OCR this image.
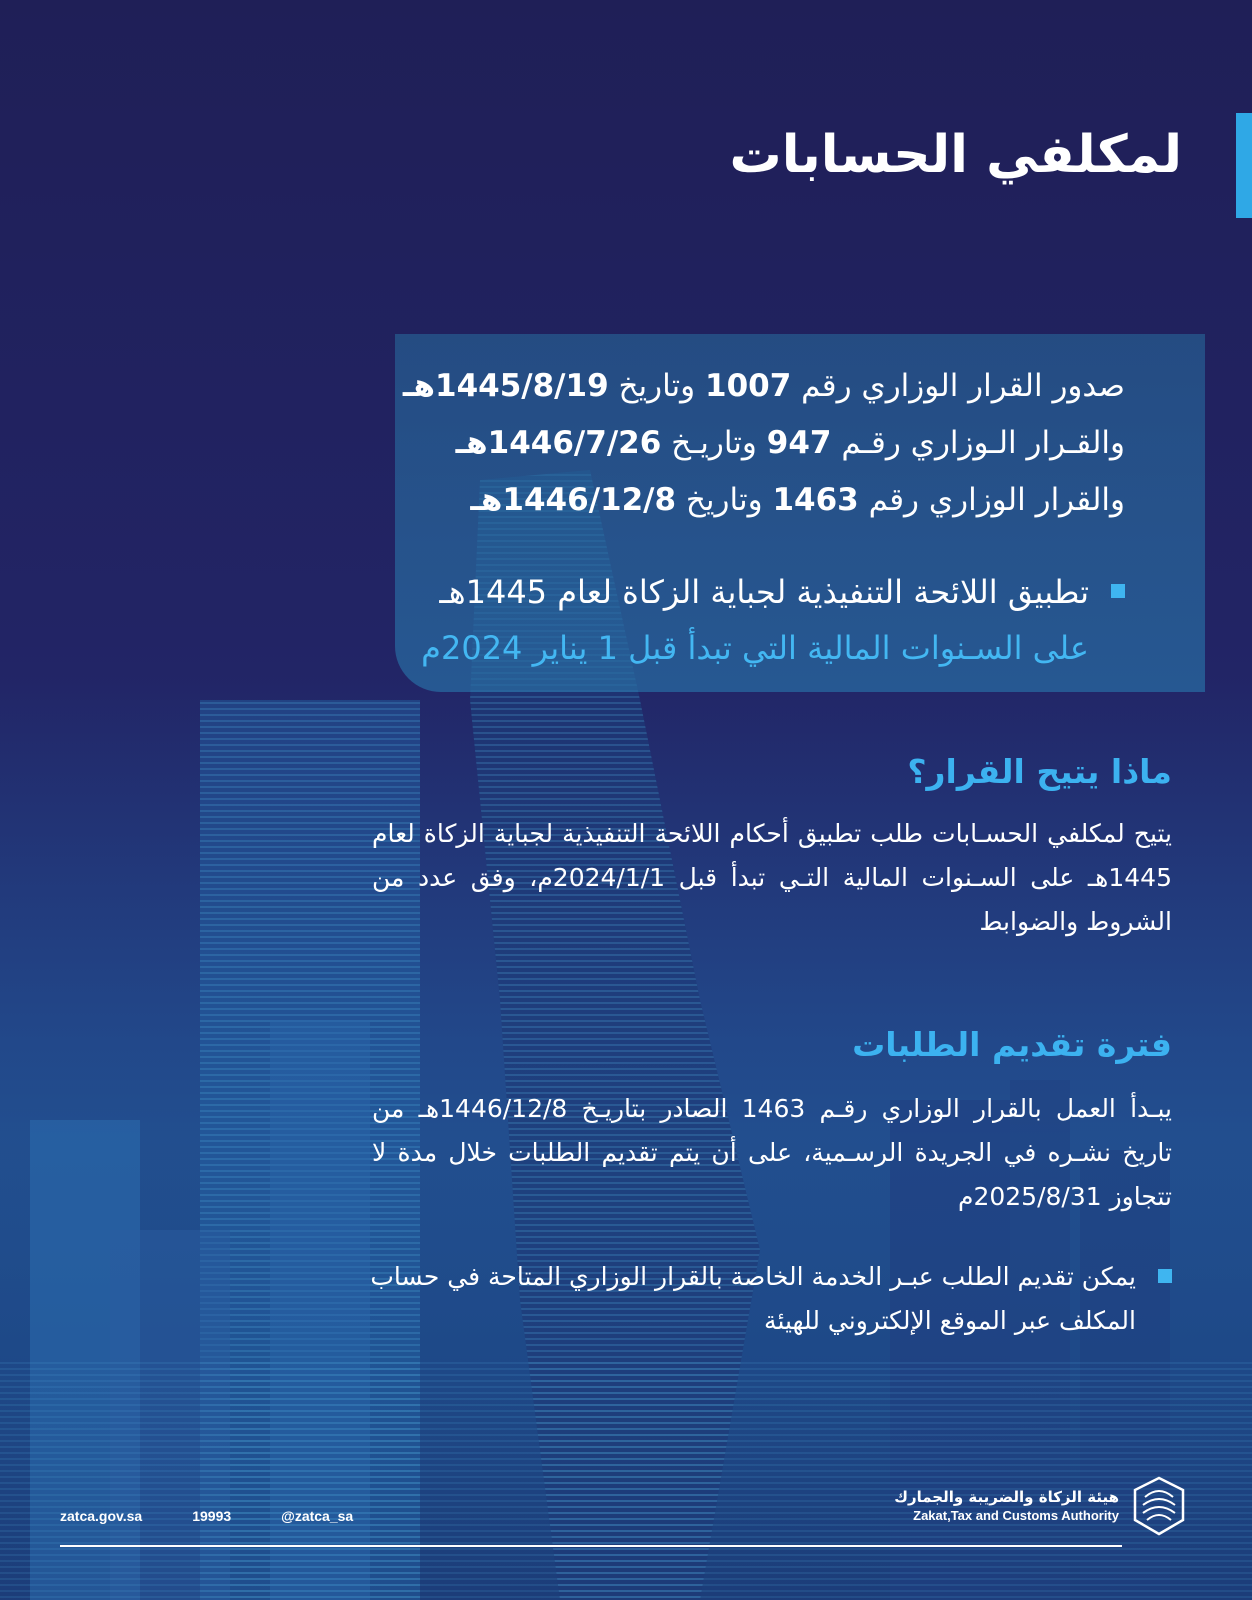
لمكلفي الحسابات
صدور القرار الوزاري رقم 1007 وتاريخ 1445/8/19هـ
والقـرار الـوزاري رقـم 947 وتاريـخ 1446/7/26هـ
والقرار الوزاري رقم 1463 وتاريخ 1446/12/8هـ
تطبيق اللائحة التنفيذية لجباية الزكاة لعام 1445هـ
على السـنوات المالية التي تبدأ قبل 1 يناير 2024م
ماذا يتيح القرار؟

يتيح لمكلفي الحسـابات طلب تطبيق أحكام اللائحة التنفيذية لجباية الزكاة لعام 1445هـ على السـنوات المالية التـي تبدأ قبل 2024/1/1م، وفق عدد من الشروط والضوابط

فترة تقديم الطلبات

يبـدأ العمل بالقرار الوزاري رقـم 1463 الصادر بتاريـخ 1446/12/8هـ من تاريخ نشـره في الجريدة الرسـمية، على أن يتم تقديم الطلبات خلال مدة لا تتجاوز 2025/8/31م

يمكن تقديم الطلب عبـر الخدمة الخاصة بالقرار الوزاري المتاحة في حساب المكلف عبر الموقع الإلكتروني للهيئة
zatca.gov.sa	19993	@zatca_sa
هيئة الزكاة والضريبة والجمارك
Zakat,Tax and Customs Authority
